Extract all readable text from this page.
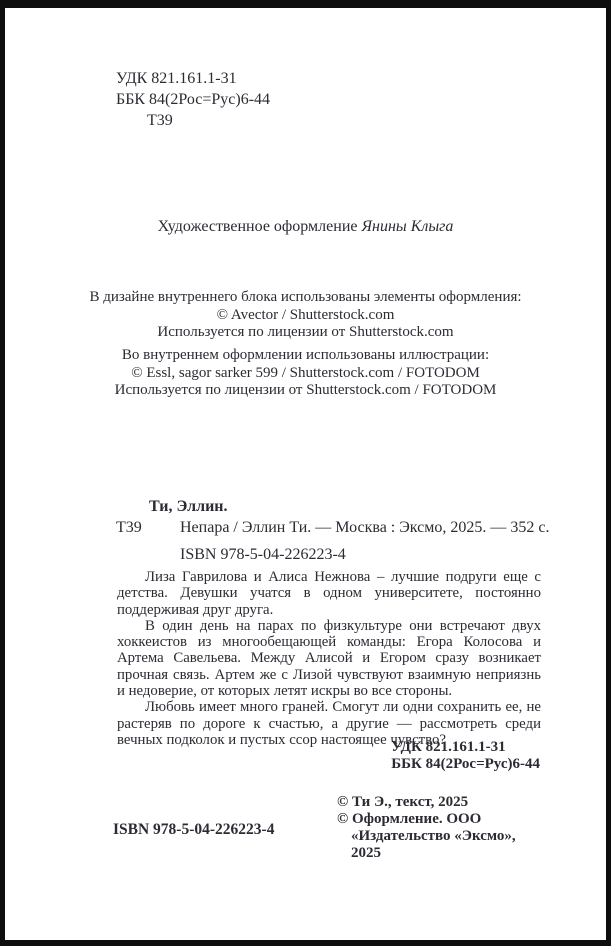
УДК 821.161.1-31
ББК 84(2Рос=Рус)6-44
Т39
Художественное оформление Янины Клыга
В дизайне внутреннего блока использованы элементы оформления:
© Avector / Shutterstock.com
Используется по лицензии от Shutterstock.com
Во внутреннем оформлении использованы иллюстрации:
© Essl, sagor sarker 599 / Shutterstock.com / FOTODOM
Используется по лицензии от Shutterstock.com / FOTODOM
Ти, Эллин.
Т39	Непара / Эллин Ти. — Москва : Эксмо, 2025. — 352 с.
ISBN 978-5-04-226223-4

Лиза Гаврилова и Алиса Нежнова – лучшие подруги еще с детства. Девушки учатся в одном университете, постоянно поддерживая друг друга.

В один день на парах по физкультуре они встречают двух хоккеистов из многообещающей команды: Егора Колосова и Артема Савельева. Между Алисой и Егором сразу возникает прочная связь. Артем же с Лизой чувствуют взаимную неприязнь и недоверие, от которых летят искры во все стороны.

Любовь имеет много граней. Смогут ли одни сохранить ее, не растеряв по дороге к счастью, а другие — рассмотреть среди вечных подколок и пустых ссор настоящее чувство?

УДК 821.161.1-31
ББК 84(2Рос=Рус)6-44
ISBN 978-5-04-226223-4
© Ти Э., текст, 2025
© Оформление. ООО «Издательство «Эксмо», 2025
